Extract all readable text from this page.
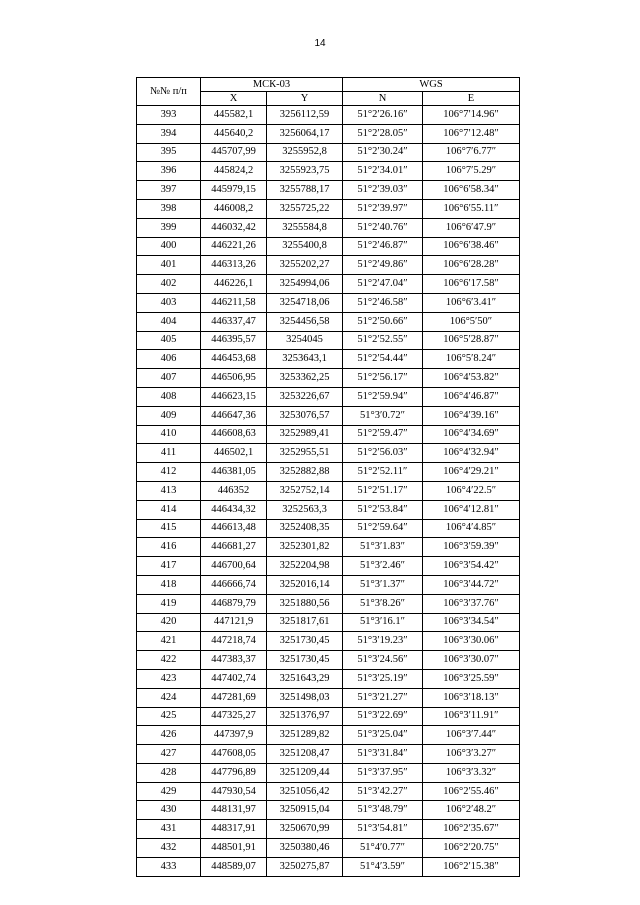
14
№№ п/п	МСК-03		WGS	
	X	Y	N	E
393	445582,1	3256112,59	51°2′26.16″	106°7′14.96″
394	445640,2	3256064,17	51°2′28.05″	106°7′12.48″
395	445707,99	3255952,8	51°2′30.24″	106°7′6.77″
396	445824,2	3255923,75	51°2′34.01″	106°7′5.29″
397	445979,15	3255788,17	51°2′39.03″	106°6′58.34″
398	446008,2	3255725,22	51°2′39.97″	106°6′55.11″
399	446032,42	3255584,8	51°2′40.76″	106°6′47.9″
400	446221,26	3255400,8	51°2′46.87″	106°6′38.46″
401	446313,26	3255202,27	51°2′49.86″	106°6′28.28″
402	446226,1	3254994,06	51°2′47.04″	106°6′17.58″
403	446211,58	3254718,06	51°2′46.58″	106°6′3.41″
404	446337,47	3254456,58	51°2′50.66″	106°5′50″
405	446395,57	3254045	51°2′52.55″	106°5′28.87″
406	446453,68	3253643,1	51°2′54.44″	106°5′8.24″
407	446506,95	3253362,25	51°2′56.17″	106°4′53.82″
408	446623,15	3253226,67	51°2′59.94″	106°4′46.87″
409	446647,36	3253076,57	51°3′0.72″	106°4′39.16″
410	446608,63	3252989,41	51°2′59.47″	106°4′34.69″
411	446502,1	3252955,51	51°2′56.03″	106°4′32.94″
412	446381,05	3252882,88	51°2′52.11″	106°4′29.21″
413	446352	3252752,14	51°2′51.17″	106°4′22.5″
414	446434,32	3252563,3	51°2′53.84″	106°4′12.81″
415	446613,48	3252408,35	51°2′59.64″	106°4′4.85″
416	446681,27	3252301,82	51°3′1.83″	106°3′59.39″
417	446700,64	3252204,98	51°3′2.46″	106°3′54.42″
418	446666,74	3252016,14	51°3′1.37″	106°3′44.72″
419	446879,79	3251880,56	51°3′8.26″	106°3′37.76″
420	447121,9	3251817,61	51°3′16.1″	106°3′34.54″
421	447218,74	3251730,45	51°3′19.23″	106°3′30.06″
422	447383,37	3251730,45	51°3′24.56″	106°3′30.07″
423	447402,74	3251643,29	51°3′25.19″	106°3′25.59″
424	447281,69	3251498,03	51°3′21.27″	106°3′18.13″
425	447325,27	3251376,97	51°3′22.69″	106°3′11.91″
426	447397,9	3251289,82	51°3′25.04″	106°3′7.44″
427	447608,05	3251208,47	51°3′31.84″	106°3′3.27″
428	447796,89	3251209,44	51°3′37.95″	106°3′3.32″
429	447930,54	3251056,42	51°3′42.27″	106°2′55.46″
430	448131,97	3250915,04	51°3′48.79″	106°2′48.2″
431	448317,91	3250670,99	51°3′54.81″	106°2′35.67″
432	448501,91	3250380,46	51°4′0.77″	106°2′20.75″
433	448589,07	3250275,87	51°4′3.59″	106°2′15.38″
